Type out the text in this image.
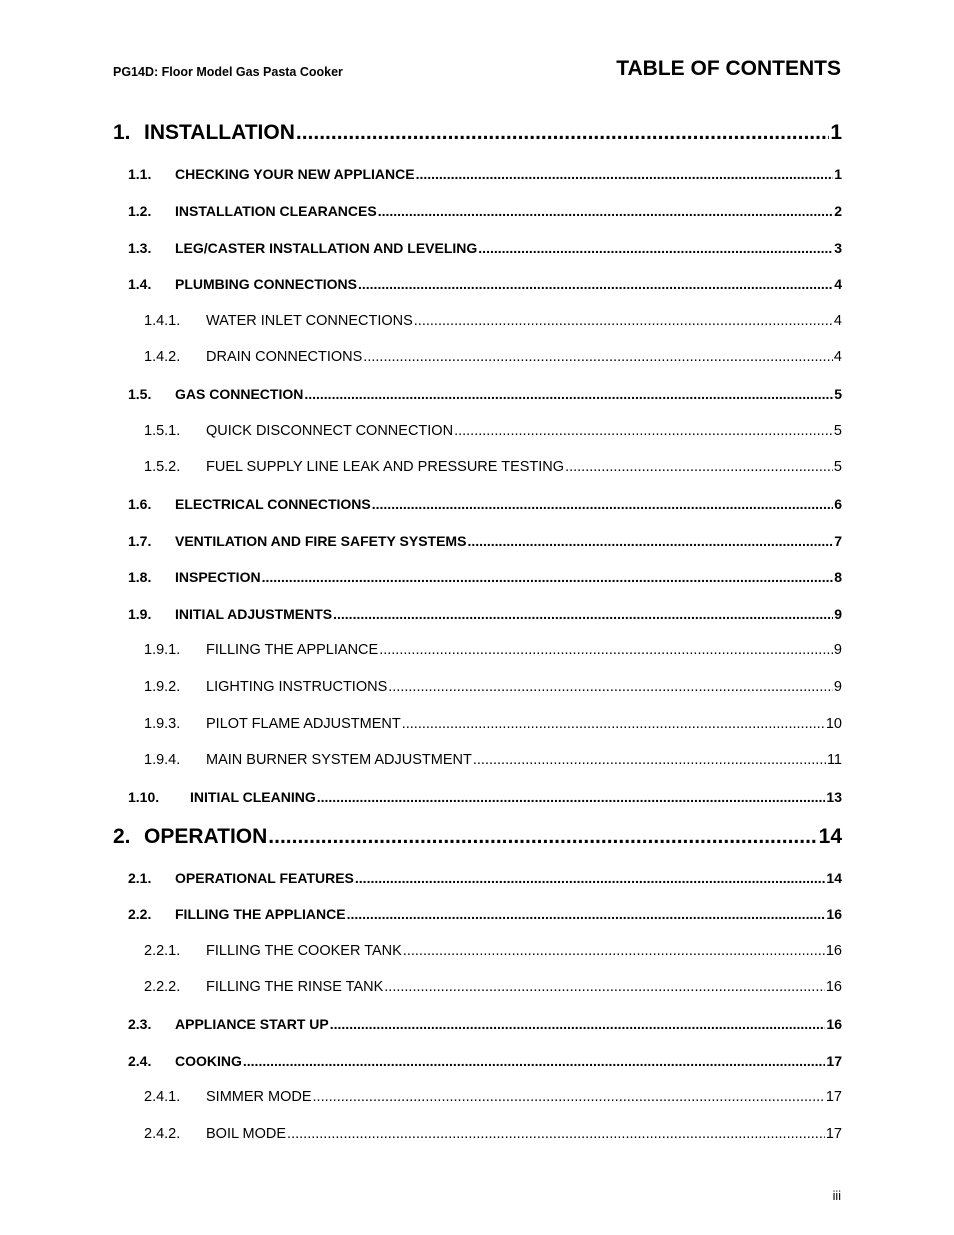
PG14D: Floor Model Gas Pasta Cooker	TABLE OF CONTENTS
1. INSTALLATION .....	1
1.1.	CHECKING YOUR NEW APPLIANCE .....	1
1.2.	INSTALLATION CLEARANCES .....	2
1.3.	LEG/CASTER INSTALLATION AND LEVELING .....	3
1.4.	PLUMBING CONNECTIONS .....	4
1.4.1.	WATER INLET CONNECTIONS .....	4
1.4.2.	DRAIN CONNECTIONS .....	4
1.5.	GAS CONNECTION .....	5
1.5.1.	QUICK DISCONNECT CONNECTION .....	5
1.5.2.	FUEL SUPPLY LINE LEAK AND PRESSURE TESTING .....	5
1.6.	ELECTRICAL CONNECTIONS .....	6
1.7.	VENTILATION AND FIRE SAFETY SYSTEMS .....	7
1.8.	INSPECTION .....	8
1.9.	INITIAL ADJUSTMENTS .....	9
1.9.1.	FILLING THE APPLIANCE .....	9
1.9.2.	LIGHTING INSTRUCTIONS .....	9
1.9.3.	PILOT FLAME ADJUSTMENT .....	10
1.9.4.	MAIN BURNER SYSTEM ADJUSTMENT .....	11
1.10.	INITIAL CLEANING .....	13
2. OPERATION .....	14
2.1.	OPERATIONAL FEATURES .....	14
2.2.	FILLING THE APPLIANCE .....	16
2.2.1.	FILLING THE COOKER TANK .....	16
2.2.2.	FILLING THE RINSE TANK .....	16
2.3.	APPLIANCE START UP .....	16
2.4.	COOKING .....	17
2.4.1.	SIMMER MODE .....	17
2.4.2.	BOIL MODE .....	17
iii
